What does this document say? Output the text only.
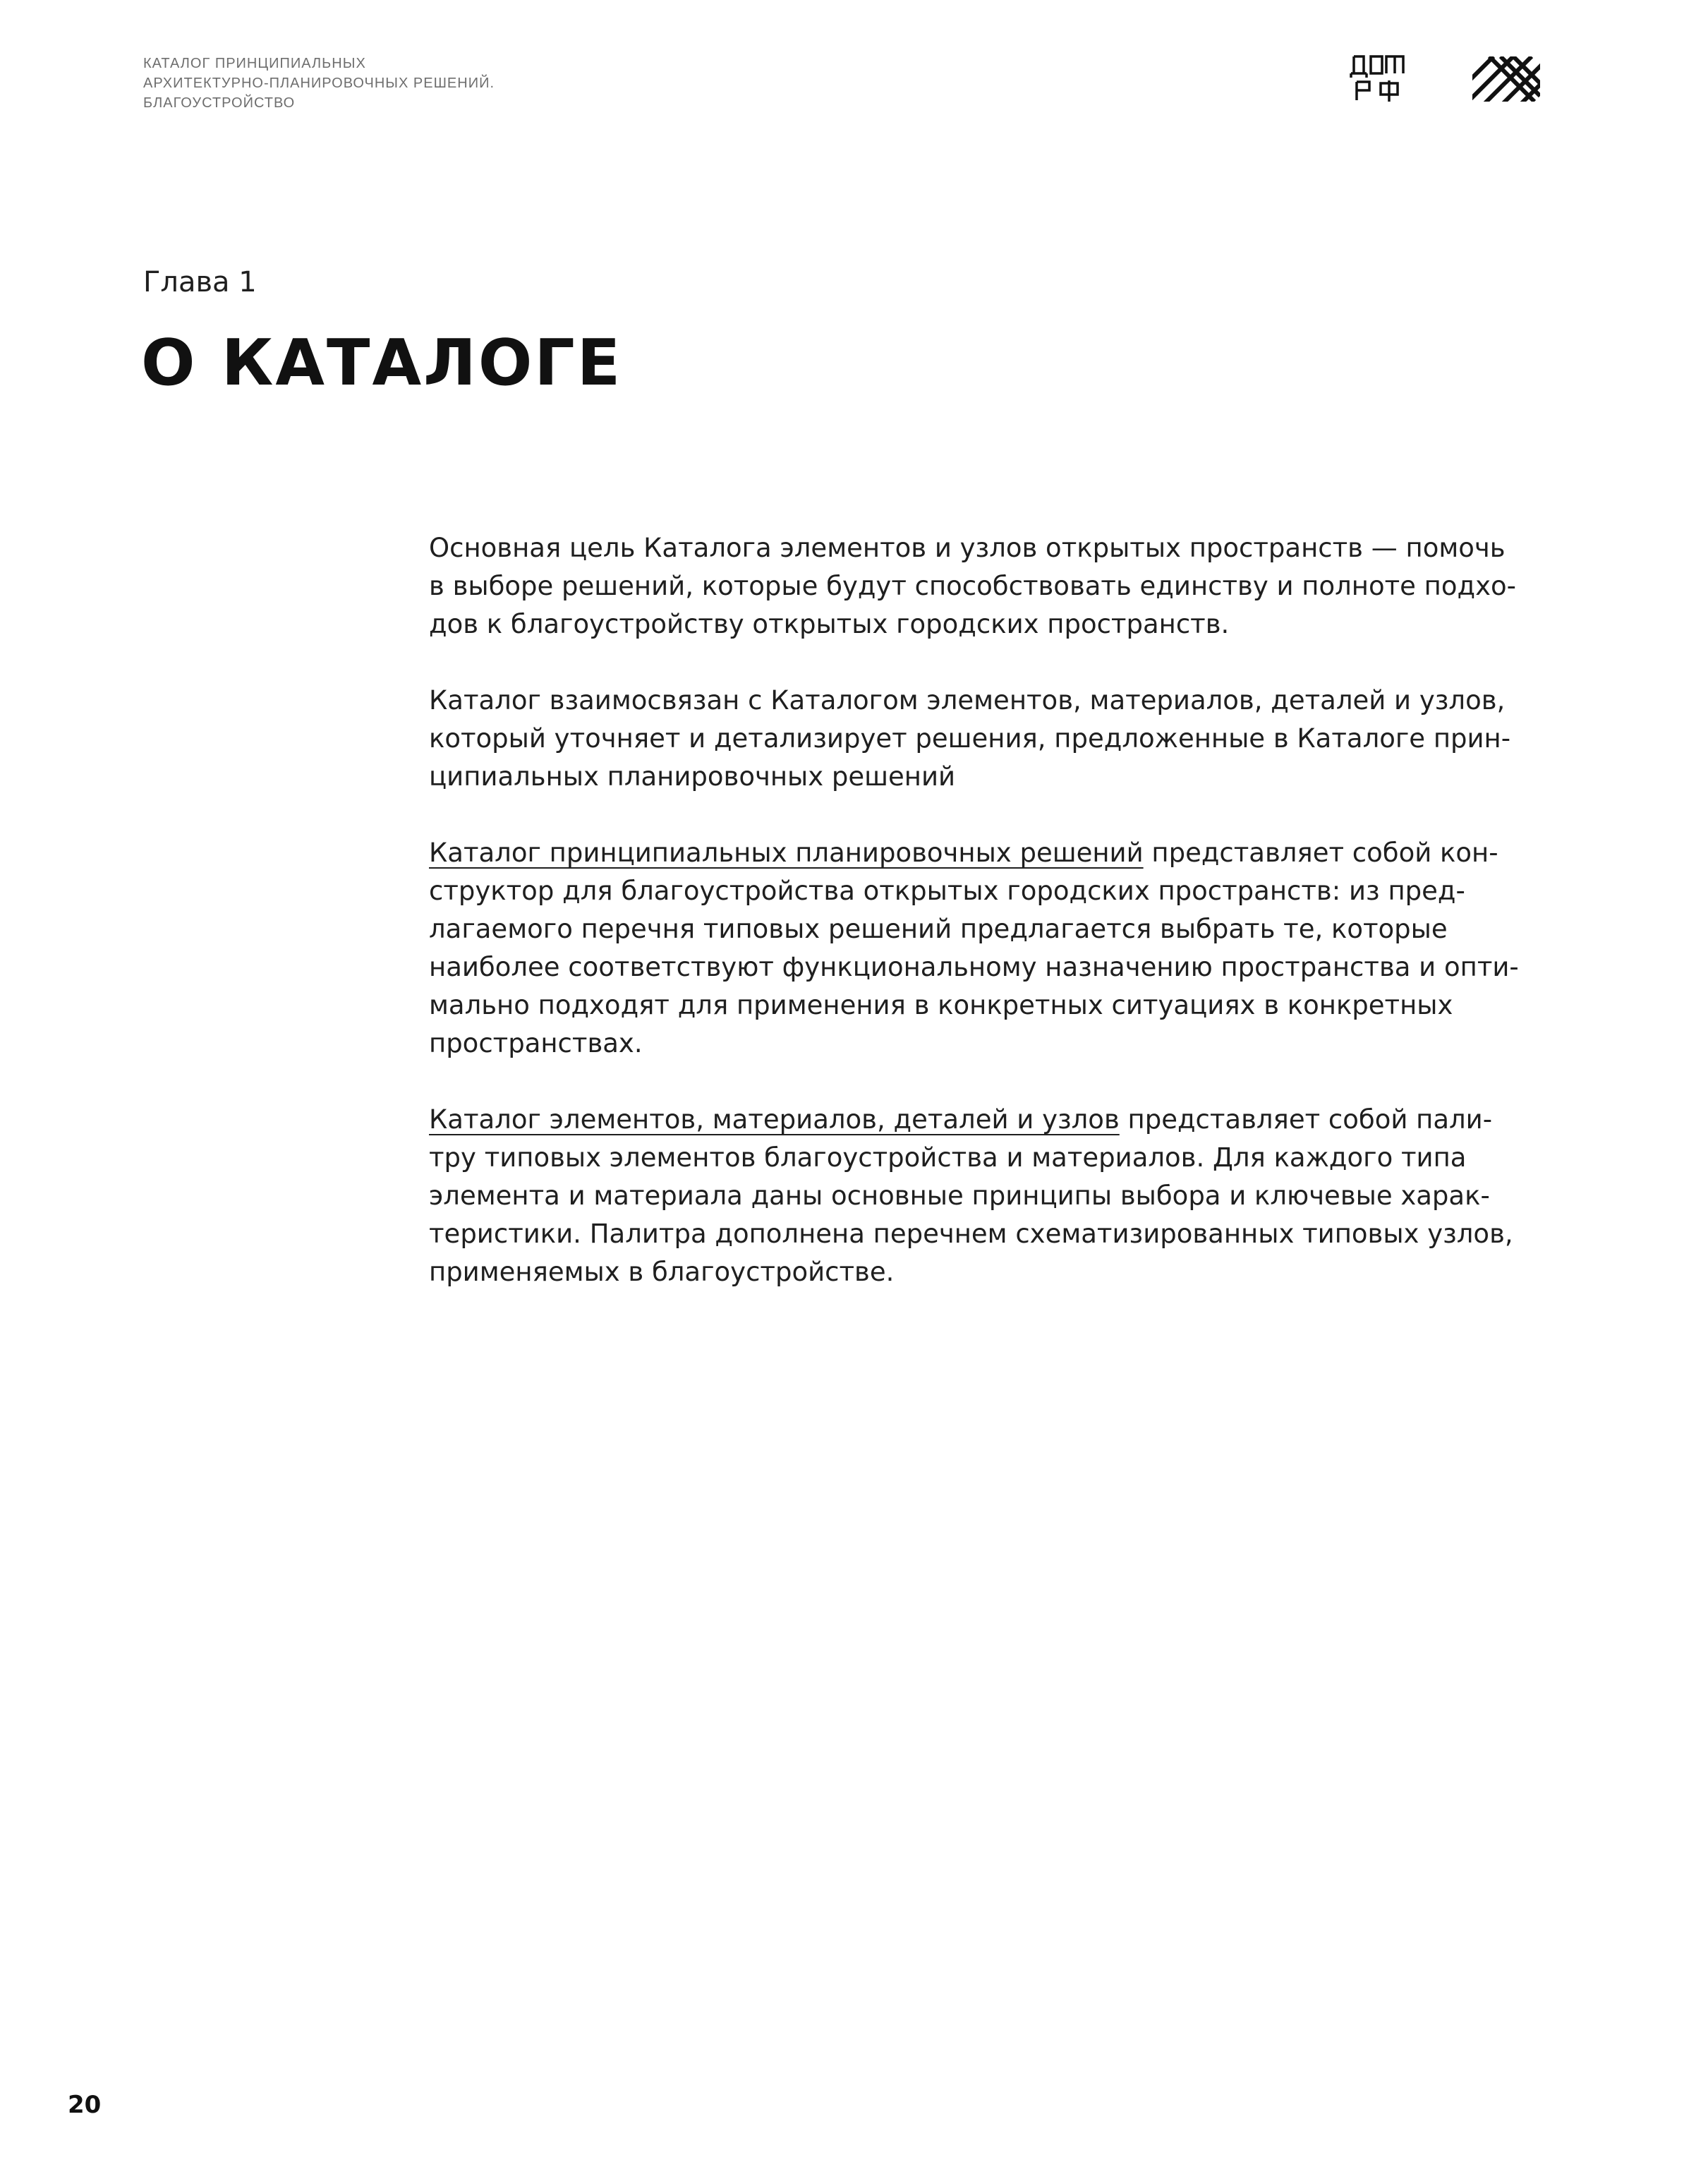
КАТАЛОГ ПРИНЦИПИАЛЬНЫХ
АРХИТЕКТУРНО-ПЛАНИРОВОЧНЫХ РЕШЕНИЙ.
БЛАГОУСТРОЙСТВО
Глава 1
О КАТАЛОГЕ

Основная цель Каталога элементов и узлов открытых пространств — помочь
в выборе решений, которые будут способствовать единству и полноте подхо-
дов к благоустройству открытых городских пространств.

Каталог взаимосвязан с Каталогом элементов, материалов, деталей и узлов,
который уточняет и детализирует решения, предложенные в Каталоге прин-
ципиальных планировочных решений

Каталог принципиальных планировочных решений представляет собой кон-
структор для благоустройства открытых городских пространств: из пред-
лагаемого перечня типовых решений предлагается выбрать те, которые
наиболее соответствуют функциональному назначению пространства и опти-
мально подходят для применения в конкретных ситуациях в конкретных
пространствах.

Каталог элементов, материалов, деталей и узлов представляет собой пали-
тру типовых элементов благоустройства и материалов. Для каждого типа
элемента и материала даны основные принципы выбора и ключевые харак-
теристики. Палитра дополнена перечнем схематизированных типовых узлов,
применяемых в благоустройстве.

20
